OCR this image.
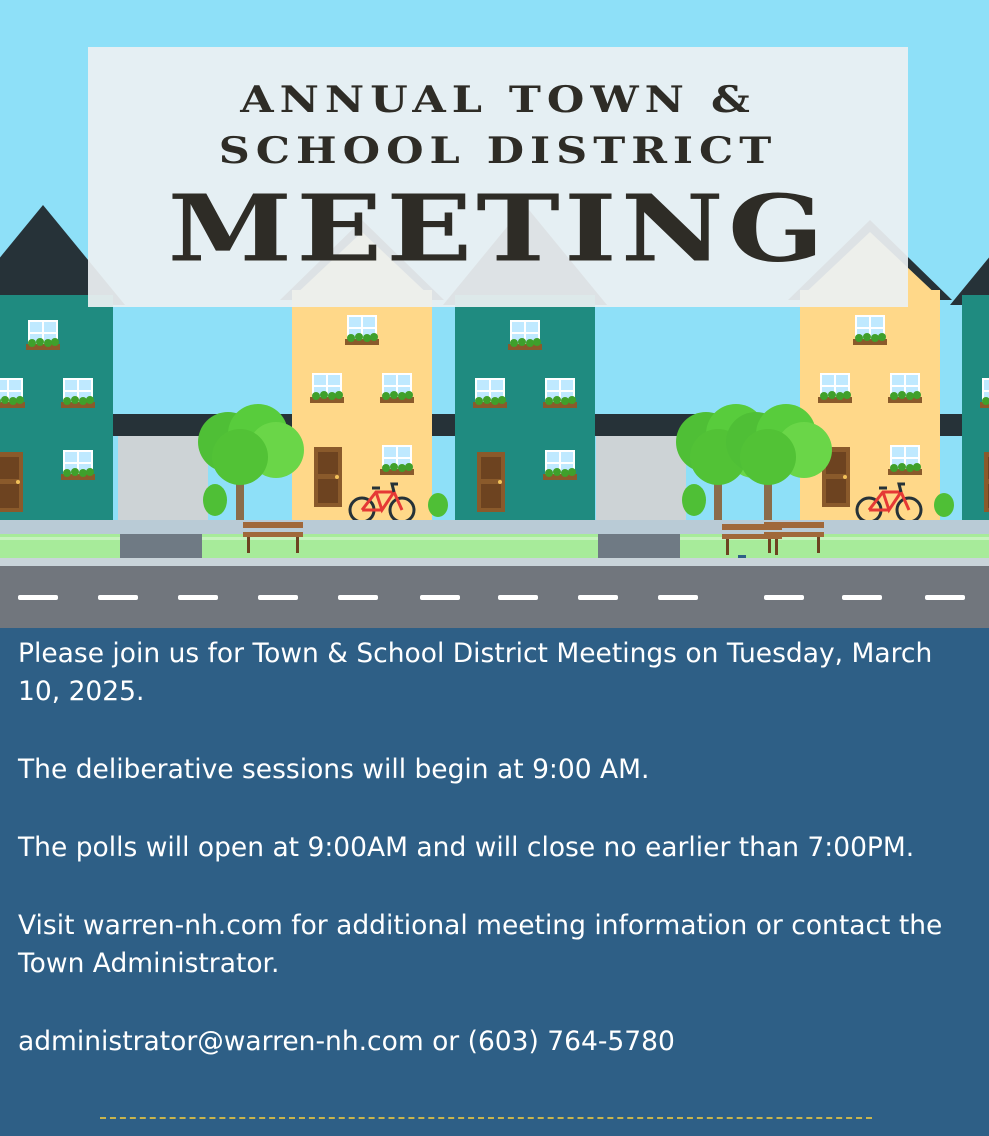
ANNUAL TOWN &
SCHOOL DISTRICT
MEETING

Please join us for Town & School District Meetings on Tuesday, March 10, 2025.

The deliberative sessions will begin at 9:00 AM.

The polls will open at 9:00AM and will close no earlier than 7:00PM.

Visit warren-nh.com for additional meeting information or contact the Town Administrator.

administrator@warren-nh.com or (603) 764-5780
